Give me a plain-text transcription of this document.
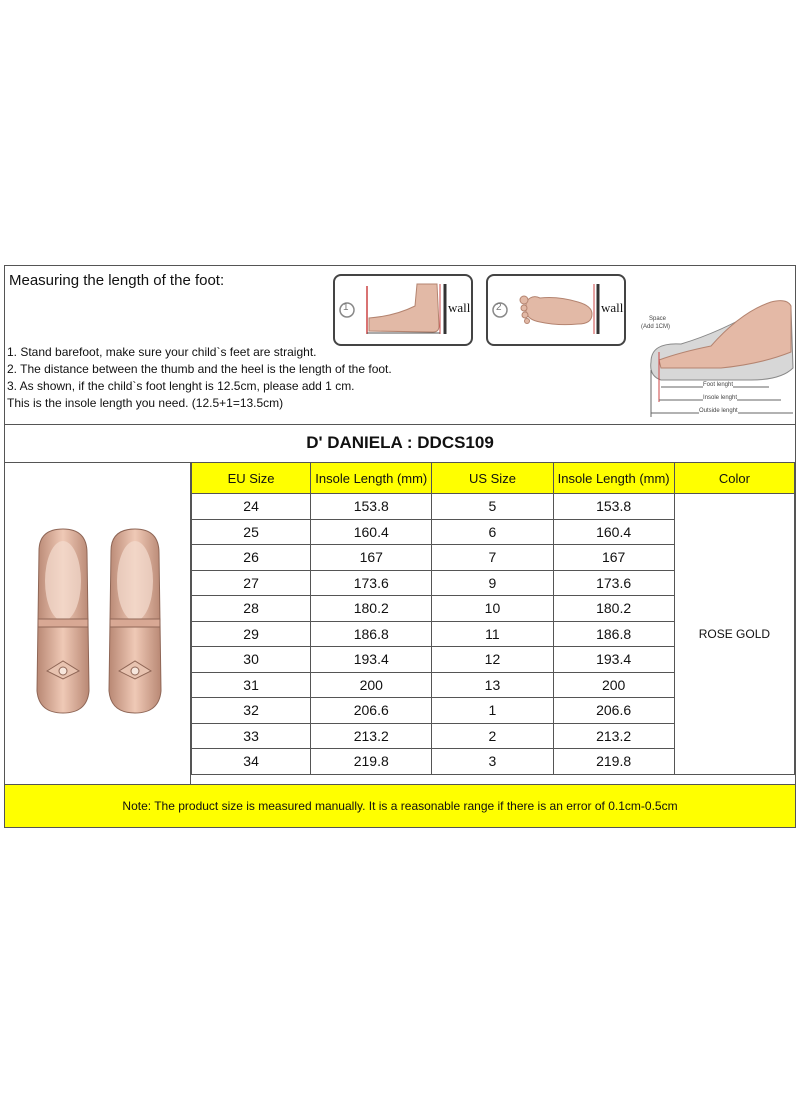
Measuring the length of the foot:
1	wall	2	wall
Space
(Add 1CM)
Foot lenght
Insole lenght
Outside lenght
1. Stand barefoot, make sure your child`s feet are straight.
2. The distance between the thumb and the heel is the length of the foot.
3. As shown, if the child`s foot lenght is 12.5cm, please add 1 cm.
This is the insole length you need. (12.5+1=13.5cm)
D' DANIELA : DDCS109
EU Size	Insole Length (mm)	US Size	Insole Length (mm)	Color
24	153.8	5	153.8	ROSE GOLD
25	160.4	6	160.4	
26	167	7	167	
27	173.6	9	173.6	
28	180.2	10	180.2	
29	186.8	11	186.8	
30	193.4	12	193.4	
31	200	13	200	
32	206.6	1	206.6	
33	213.2	2	213.2	
34	219.8	3	219.8	
Note: The product size is measured manually. It is a reasonable range if there is an error of 0.1cm-0.5cm
